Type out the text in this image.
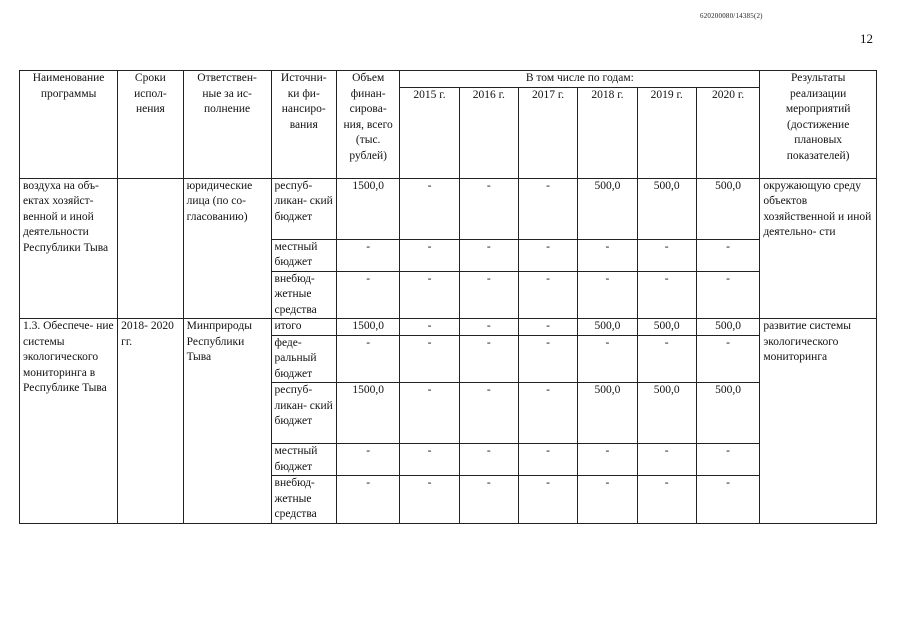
620200080/14385(2)
12
Наименование программы	Сроки испол- нения	Ответствен- ные за ис- полнение	Источни- ки фи- нансиро- вания	Объем финан- сирова- ния, всего (тыс. рублей)	В том числе по годам:						Результаты реализации мероприятий (достижение плановых показателей)
					2015 г.	2016 г.	2017 г.	2018 г.	2019 г.	2020 г.	
воздуха на объ- ектах хозяйст- венной и иной деятельности Республики Тыва		юридические лица (по со- гласованию)	респуб- ликан- ский бюджет	1500,0	-	-	-	500,0	500,0	500,0	окружающую среду объектов хозяйственной и иной деятельно- сти
			местный бюджет	-	-	-	-	-	-	-	
			внебюд- жетные средства	-	-	-	-	-	-	-	
1.3. Обеспече- ние системы экологического мониторинга в Республике Тыва	2018- 2020 гг.	Минприроды Республики Тыва	итого	1500,0	-	-	-	500,0	500,0	500,0	развитие системы экологического мониторинга
			феде- ральный бюджет	-	-	-	-	-	-	-	
			респуб- ликан- ский бюджет	1500,0	-	-	-	500,0	500,0	500,0	
			местный бюджет	-	-	-	-	-	-	-	
			внебюд- жетные средства	-	-	-	-	-	-	-	
